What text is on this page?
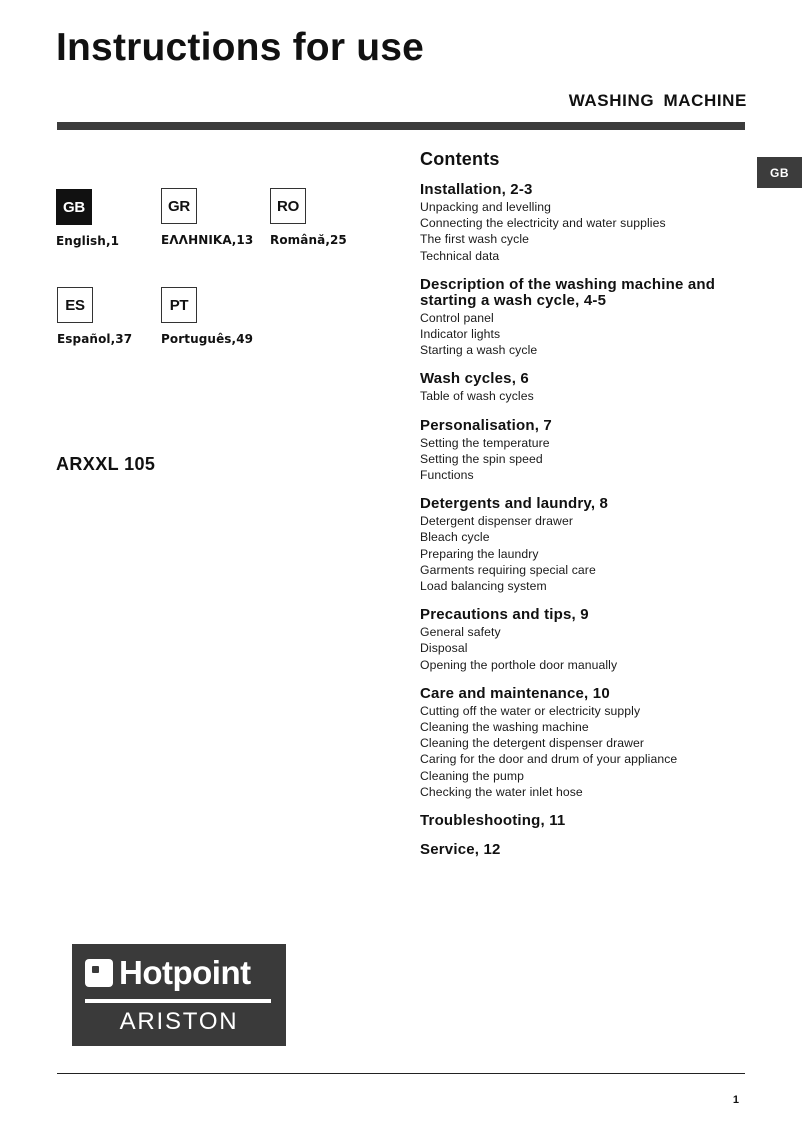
Instructions for use
WASHING MACHINE
GB
GB
English,1
GR
ΕΛΛΗΝΙΚΑ,13
RO
Română,25
ES
Español,37
PT
Português,49
ARXXL 105
Contents
Installation, 2-3
Unpacking and levelling
Connecting the electricity and water supplies
The first wash cycle
Technical data
Description of the washing machine and starting a wash cycle, 4-5
Control panel
Indicator lights
Starting a wash cycle
Wash cycles, 6
Table of wash cycles
Personalisation, 7
Setting the temperature
Setting the spin speed
Functions
Detergents and laundry, 8
Detergent dispenser drawer
Bleach cycle
Preparing the laundry
Garments requiring special care
Load balancing system
Precautions and tips, 9
General safety
Disposal
Opening the porthole door manually
Care and maintenance, 10
Cutting off the water or electricity supply
Cleaning the washing machine
Cleaning the detergent dispenser drawer
Caring for the door and drum of your appliance
Cleaning the pump
Checking the water inlet hose
Troubleshooting, 11
Service, 12
Hotpoint
ARISTON
1
